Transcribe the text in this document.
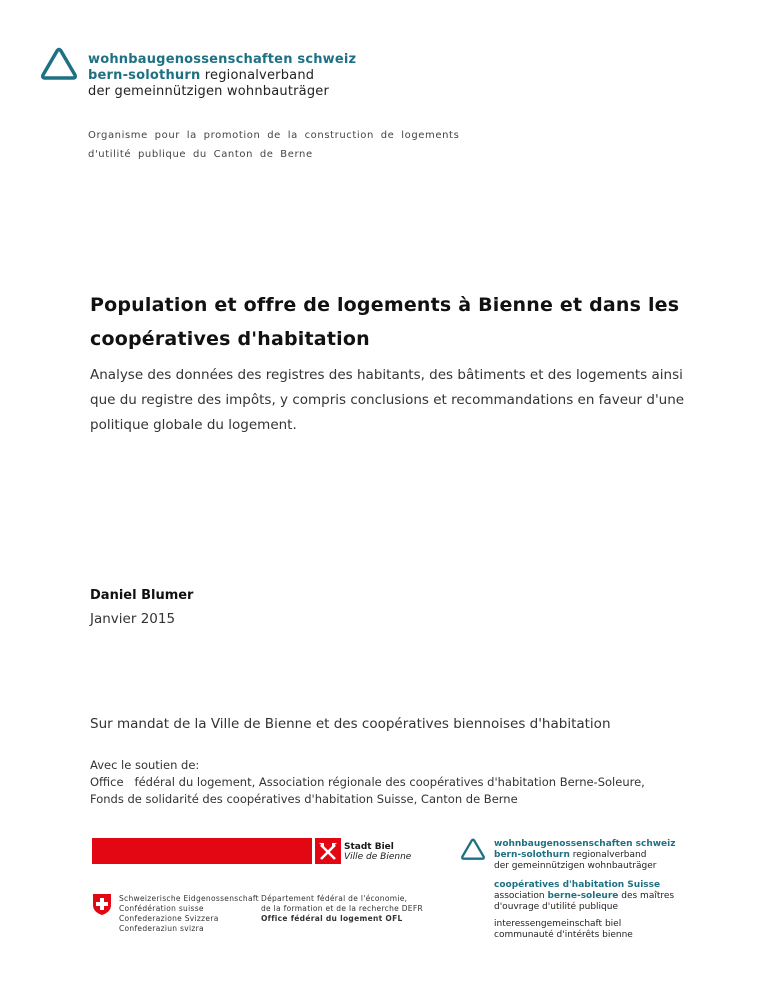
wohnbaugenossenschaften schweiz
bern-solothurn regionalverband
der gemeinnützigen wohnbauträger
Organisme pour la promotion de la construction de logements
d'utilité publique du Canton de Berne
Population et offre de logements à Bienne et dans les
coopératives d'habitation
Analyse des données des registres des habitants, des bâtiments et des logements ainsi
que du registre des impôts, y compris conclusions et recommandations en faveur d'une
politique globale du logement.
Daniel Blumer
Janvier 2015
Sur mandat de la Ville de Bienne et des coopératives biennoises d'habitation
Avec le soutien de:
Office   fédéral du logement, Association régionale des coopératives d'habitation Berne-Soleure,
Fonds de solidarité des coopératives d'habitation Suisse, Canton de Berne
Stadt Biel
Ville de Bienne
Schweizerische Eidgenossenschaft
Confédération suisse
Confederazione Svizzera
Confederaziun svizra
Département fédéral de l'économie,
de la formation et de la recherche DEFR
Office fédéral du logement OFL
wohnbaugenossenschaften schweiz
bern-solothurn regionalverband
der gemeinnützigen wohnbauträger
coopératives d'habitation Suisse
association berne-soleure des maîtres
d'ouvrage d'utilité publique
interessengemeinschaft biel
communauté d'intérêts bienne
